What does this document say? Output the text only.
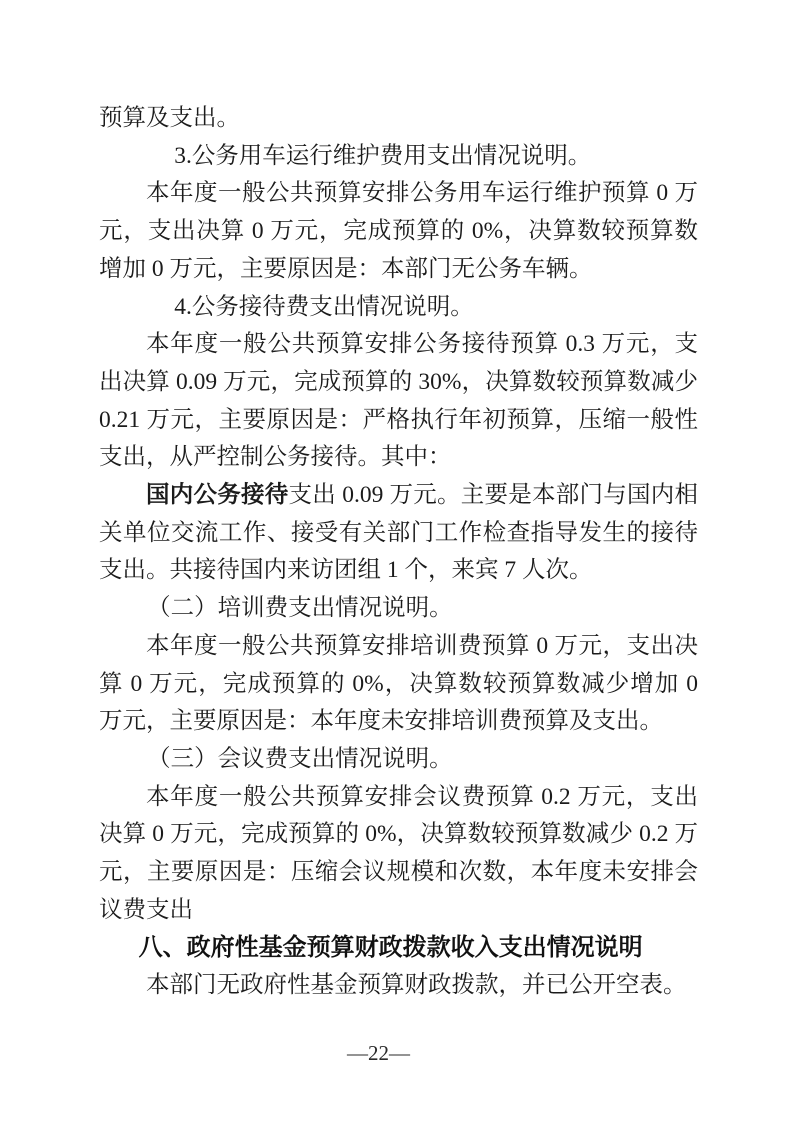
预算及支出。

3.公务用车运行维护费用支出情况说明。

本年度一般公共预算安排公务用车运行维护预算 0 万元，支出决算 0 万元，完成预算的 0%，决算数较预算数增加 0 万元，主要原因是：本部门无公务车辆。

4.公务接待费支出情况说明。

本年度一般公共预算安排公务接待预算 0.3 万元，支出决算 0.09 万元，完成预算的 30%，决算数较预算数减少 0.21 万元，主要原因是：严格执行年初预算，压缩一般性支出，从严控制公务接待。其中：

国内公务接待支出 0.09 万元。主要是本部门与国内相关单位交流工作、接受有关部门工作检查指导发生的接待支出。共接待国内来访团组 1 个，来宾 7 人次。

（二）培训费支出情况说明。

本年度一般公共预算安排培训费预算 0 万元，支出决算 0 万元，完成预算的 0%，决算数较预算数减少增加 0 万元，主要原因是：本年度未安排培训费预算及支出。

（三）会议费支出情况说明。

本年度一般公共预算安排会议费预算 0.2 万元，支出决算 0 万元，完成预算的 0%，决算数较预算数减少 0.2 万元，主要原因是：压缩会议规模和次数，本年度未安排会议费支出

八、政府性基金预算财政拨款收入支出情况说明

本部门无政府性基金预算财政拨款，并已公开空表。

—22—
